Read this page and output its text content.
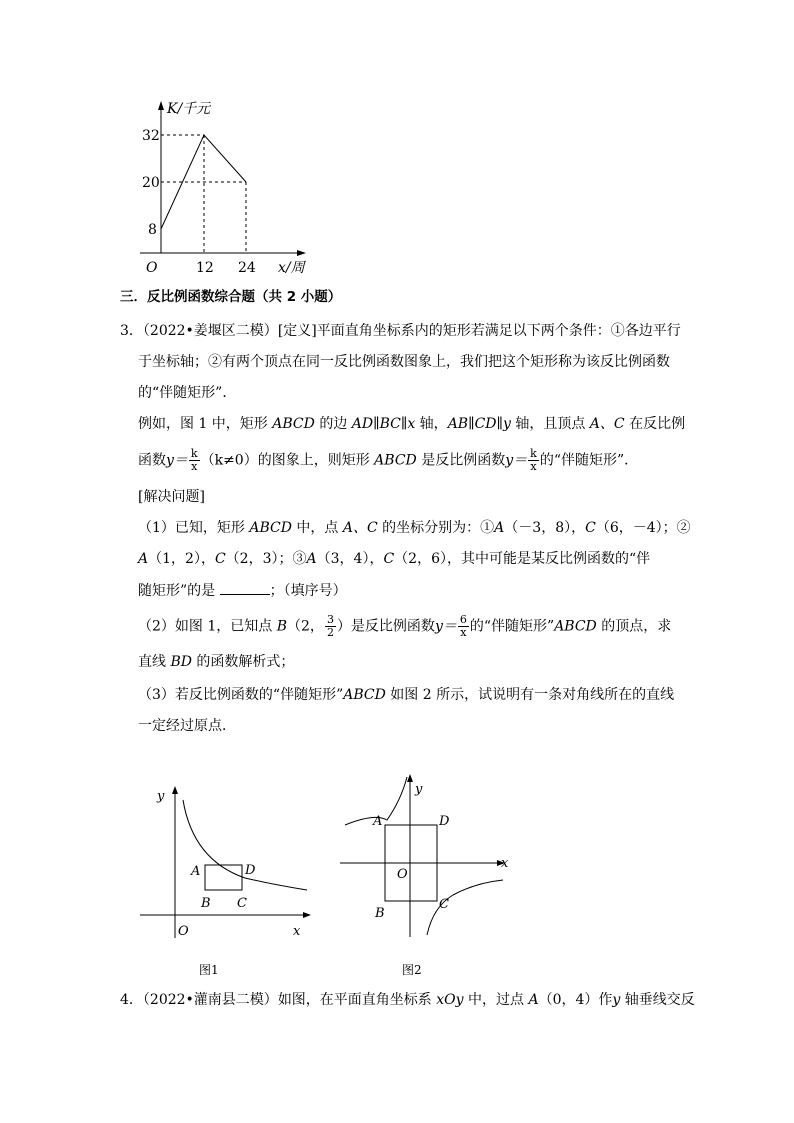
K/千元
32
20
8
O	12 24 x/周
三．反比例函数综合题（共 2 小题）
3．（2022•姜堰区二模）[定义]平面直角坐标系内的矩形若满足以下两个条件：①各边平行
于坐标轴；②有两个顶点在同一反比例函数图象上，我们把这个矩形称为该反比例函数
的“伴随矩形”．
例如，图 1 中，矩形 ABCD 的边 AD∥BC∥x 轴，AB∥CD∥y 轴，且顶点 A、C 在反比例
函数$y= \frac{k}{x} (k\ne 0)$的图象上，则矩形 ABCD 是反比例函数$y= \frac{k}{x}$ 的“伴随矩形”．
[解决问题]
（1）已知，矩形 ABCD 中，点 A、C 的坐标分别为：①A（－3，8），C（6，－4）；②
A（1，2），C（2，3）；③A（3，4），C（2，6），其中可能是某反比例函数的“伴
随矩形”的是	；（填序号）
（2）如图 1，已知点 B（2， $\frac{3}{2}$ ）是反比例函数$y= \frac{6}{x}$ 的“伴随矩形”ABCD 的顶点，求
直线 BD 的函数解析式；
（3）若反比例函数的“伴随矩形”ABCD 如图 2 所示，试说明有一条对角线所在的直线
一定经过原点．
y
x
O
A	D
B C
图1
y
x
O
A	D
B
C
图2
4．（2022•灌南县二模）如图，在平面直角坐标系 xOy 中，过点 A（0，4）作y 轴垂线交反
